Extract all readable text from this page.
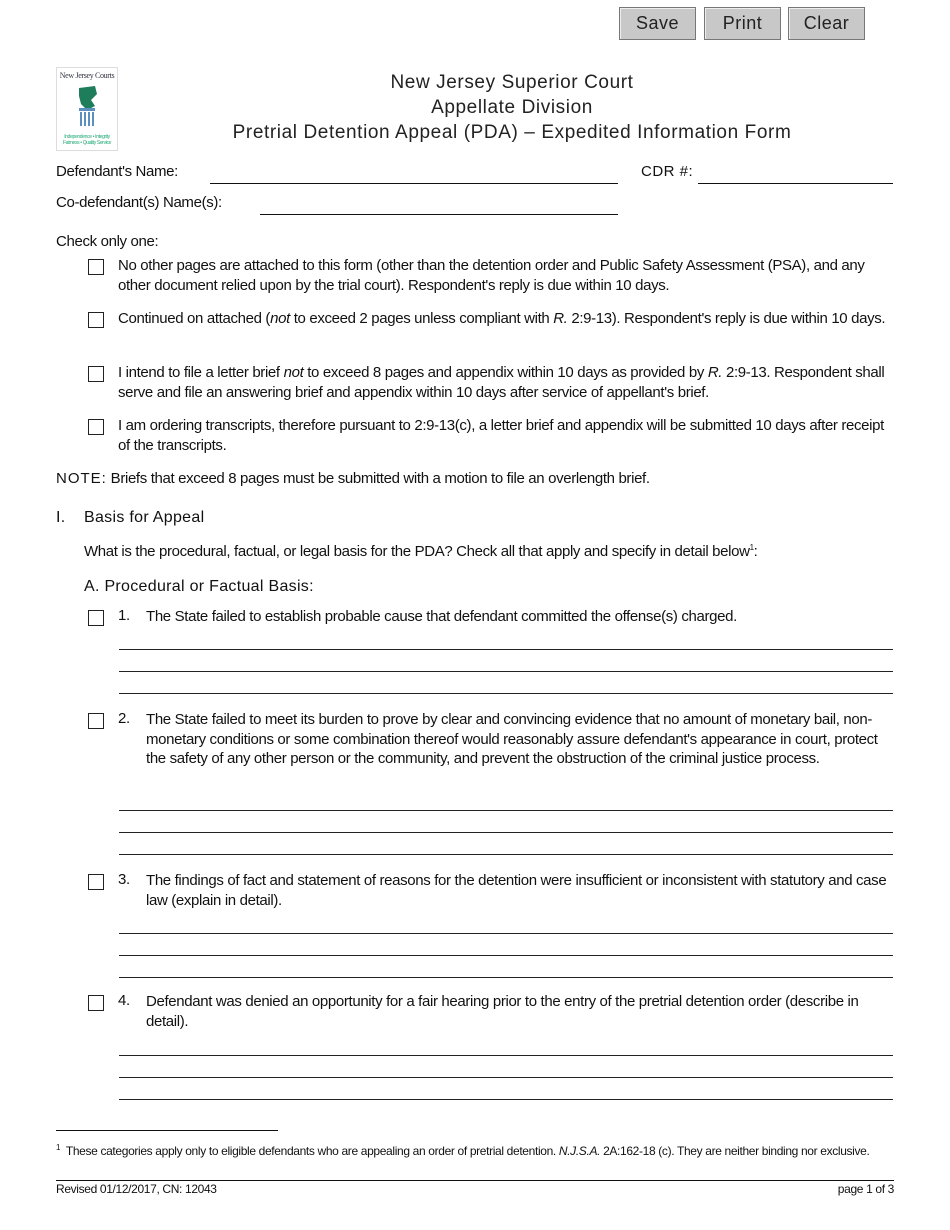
Save	Print	Clear
New Jersey Courts
Independence • Integrity Fairness • Quality Service
New Jersey Superior Court
Appellate Division
Pretrial Detention Appeal (PDA) – Expedited Information Form
Defendant's Name:	CDR #:
Co-defendant(s) Name(s):
Check only one:
No other pages are attached to this form (other than the detention order and Public Safety Assessment (PSA), and any other document relied upon by the trial court). Respondent's reply is due within 10 days.
Continued on attached (not to exceed 2 pages unless compliant with R. 2:9-13). Respondent's reply is due within 10 days.
I intend to file a letter brief not to exceed 8 pages and appendix within 10 days as provided by R. 2:9-13. Respondent shall serve and file an answering brief and appendix within 10 days after service of appellant's brief.
I am ordering transcripts, therefore pursuant to 2:9-13(c), a letter brief and appendix will be submitted 10 days after receipt of the transcripts.
NOTE: Briefs that exceed 8 pages must be submitted with a motion to file an overlength brief.
I. Basis for Appeal
What is the procedural, factual, or legal basis for the PDA? Check all that apply and specify in detail below$^1$:
A. Procedural or Factual Basis:
1. The State failed to establish probable cause that defendant committed the offense(s) charged.
2. The State failed to meet its burden to prove by clear and convincing evidence that no amount of monetary bail, non-monetary conditions or some combination thereof would reasonably assure defendant's appearance in court, protect the safety of any other person or the community, and prevent the obstruction of the criminal justice process.
3. The findings of fact and statement of reasons for the detention were insufficient or inconsistent with statutory and case law (explain in detail).
4. Defendant was denied an opportunity for a fair hearing prior to the entry of the pretrial detention order (describe in detail).
$^1$ These categories apply only to eligible defendants who are appealing an order of pretrial detention. N.J.S.A. 2A:162-18 (c). They are neither binding nor exclusive.
Revised 01/12/2017, CN: 12043	page 1 of 3
